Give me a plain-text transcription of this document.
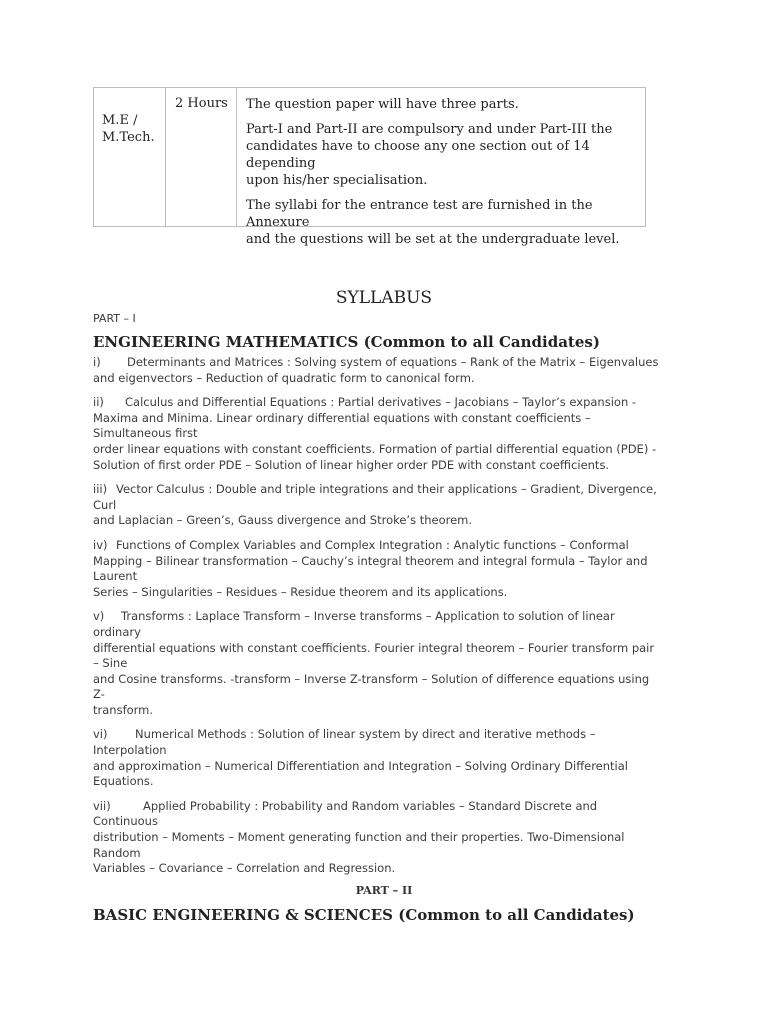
M.E /
M.Tech.
2 Hours	The question paper will have three parts.

Part-I and Part-II are compulsory and under Part-III the
candidates have to choose any one section out of 14 depending
upon his/her specialisation.

The syllabi for the entrance test are furnished in the Annexure
and the questions will be set at the undergraduate level.

SYLLABUS
PART – I
ENGINEERING MATHEMATICS (Common to all Candidates)
i) Determinants and Matrices : Solving system of equations – Rank of the Matrix – Eigenvalues
and eigenvectors – Reduction of quadratic form to canonical form.
ii) Calculus and Differential Equations : Partial derivatives – Jacobians – Taylor’s expansion -
Maxima and Minima. Linear ordinary differential equations with constant coefficients –
Simultaneous first
order linear equations with constant coefficients. Formation of partial differential equation (PDE) -
Solution of first order PDE – Solution of linear higher order PDE with constant coefficients.
iii) Vector Calculus : Double and triple integrations and their applications – Gradient, Divergence,
Curl
and Laplacian – Green’s, Gauss divergence and Stroke’s theorem.
iv) Functions of Complex Variables and Complex Integration : Analytic functions – Conformal
Mapping – Bilinear transformation – Cauchy’s integral theorem and integral formula – Taylor and
Laurent
Series – Singularities – Residues – Residue theorem and its applications.
v) Transforms : Laplace Transform – Inverse transforms – Application to solution of linear
ordinary
differential equations with constant coefficients. Fourier integral theorem – Fourier transform pair
– Sine
and Cosine transforms. -transform – Inverse Z-transform – Solution of difference equations using
Z-
transform.
vi) Numerical Methods : Solution of linear system by direct and iterative methods –
Interpolation
and approximation – Numerical Differentiation and Integration – Solving Ordinary Differential
Equations.
vii)	Applied Probability : Probability and Random variables – Standard Discrete and
Continuous
distribution – Moments – Moment generating function and their properties. Two-Dimensional
Random
Variables – Covariance – Correlation and Regression.
PART – II
BASIC ENGINEERING & SCIENCES (Common to all Candidates)
